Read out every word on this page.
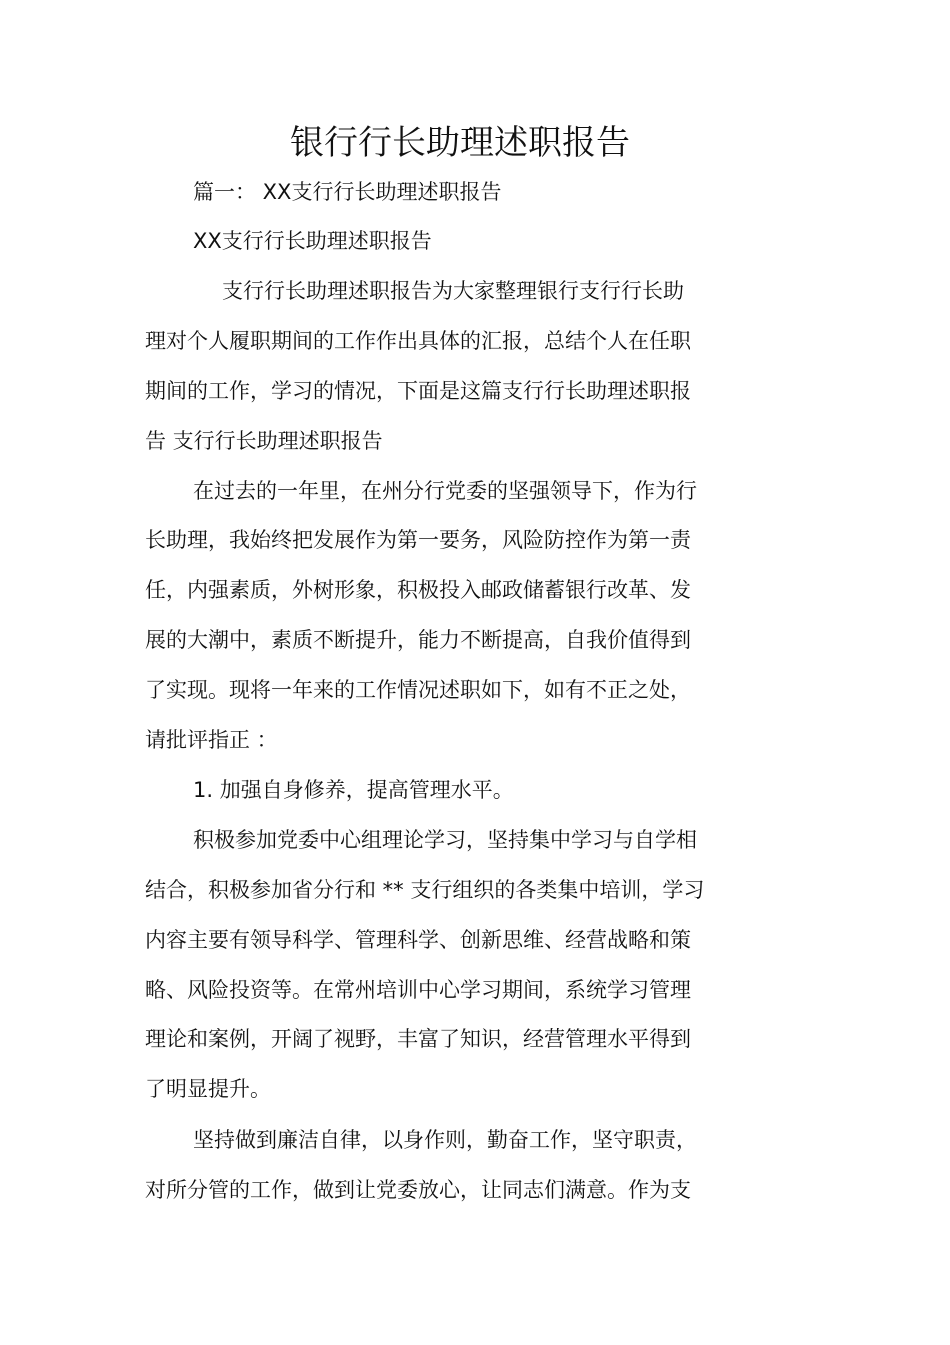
银行行长助理述职报告
篇一： XX支行行长助理述职报告
XX支行行长助理述职报告
支行行长助理述职报告为大家整理银行支行行长助
理对个人履职期间的工作作出具体的汇报，总结个人在任职
期间的工作，学习的情况，下面是这篇支行行长助理述职报
告 支行行长助理述职报告
在过去的一年里，在州分行党委的坚强领导下，作为行
长助理，我始终把发展作为第一要务，风险防控作为第一责
任，内强素质，外树形象，积极投入邮政储蓄银行改革、发
展的大潮中，素质不断提升，能力不断提高，自我价值得到
了实现。现将一年来的工作情况述职如下，如有不正之处，
请批评指正 ：
1. 加强自身修养，提高管理水平。
积极参加党委中心组理论学习，坚持集中学习与自学相
结合，积极参加省分行和 ** 支行组织的各类集中培训，学习
内容主要有领导科学、管理科学、创新思维、经营战略和策
略、风险投资等。在常州培训中心学习期间，系统学习管理
理论和案例，开阔了视野，丰富了知识，经营管理水平得到
了明显提升。
坚持做到廉洁自律，以身作则，勤奋工作，坚守职责，
对所分管的工作，做到让党委放心，让同志们满意。作为支
